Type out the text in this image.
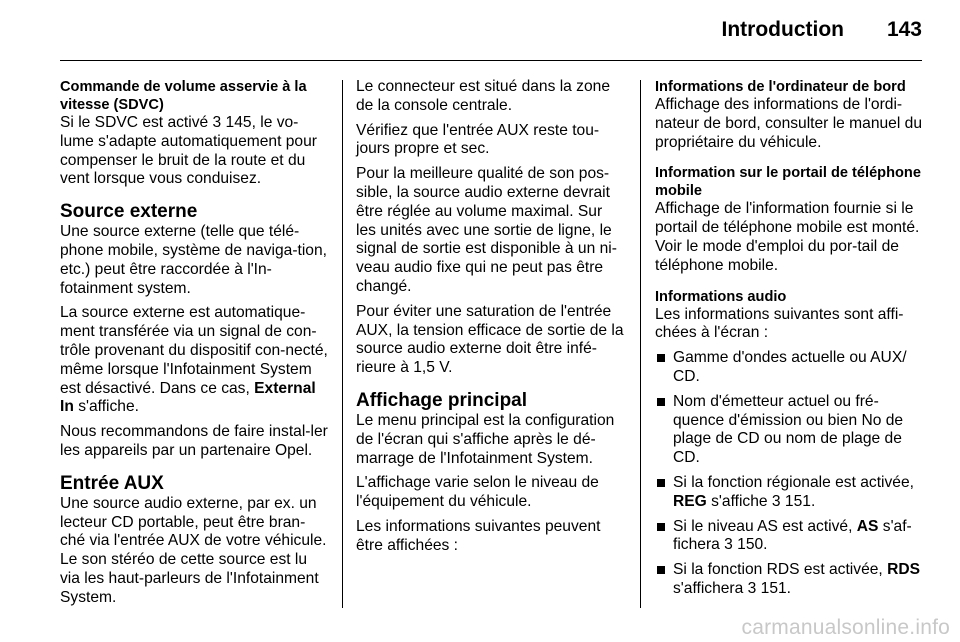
Introduction 143
Commande de volume asservie à la vitesse (SDVC)

Si le SDVC est activé 3 145, le vo-lume s'adapte automatiquement pour compenser le bruit de la route et du vent lorsque vous conduisez.

Source externe

Une source externe (telle que télé-phone mobile, système de naviga-tion, etc.) peut être raccordée à l'In-fotainment system.

La source externe est automatique-ment transférée via un signal de con-trôle provenant du dispositif con-necté, même lorsque l'Infotainment System est désactivé. Dans ce cas, External In s'affiche.

Nous recommandons de faire instal-ler les appareils par un partenaire Opel.

Entrée AUX

Une source audio externe, par ex. un lecteur CD portable, peut être bran-ché via l'entrée AUX de votre véhicule. Le son stéréo de cette source est lu via les haut-parleurs de l'Infotainment System.

Le connecteur est situé dans la zone de la console centrale.

Vérifiez que l'entrée AUX reste tou-jours propre et sec.

Pour la meilleure qualité de son pos-sible, la source audio externe devrait être réglée au volume maximal. Sur les unités avec une sortie de ligne, le signal de sortie est disponible à un ni-veau audio fixe qui ne peut pas être changé.

Pour éviter une saturation de l'entrée AUX, la tension efficace de sortie de la source audio externe doit être infé-rieure à 1,5 V.

Affichage principal

Le menu principal est la configuration de l'écran qui s'affiche après le dé-marrage de l'Infotainment System.

L'affichage varie selon le niveau de l'équipement du véhicule.

Les informations suivantes peuvent être affichées :

Informations de l'ordinateur de bord

Affichage des informations de l'ordi-nateur de bord, consulter le manuel du propriétaire du véhicule.

Information sur le portail de téléphone mobile

Affichage de l'information fournie si le portail de téléphone mobile est monté. Voir le mode d'emploi du por-tail de téléphone mobile.

Informations audio

Les informations suivantes sont affi-chées à l'écran :

Gamme d'ondes actuelle ou AUX/ CD.
Nom d'émetteur actuel ou fré-quence d'émission ou bien No de plage de CD ou nom de plage de CD.
Si la fonction régionale est activée, REG s'affiche 3 151.
Si le niveau AS est activé, AS s'af-fichera 3 150.
Si la fonction RDS est activée, RDS s'affichera 3 151.
carmanualsonline.info
